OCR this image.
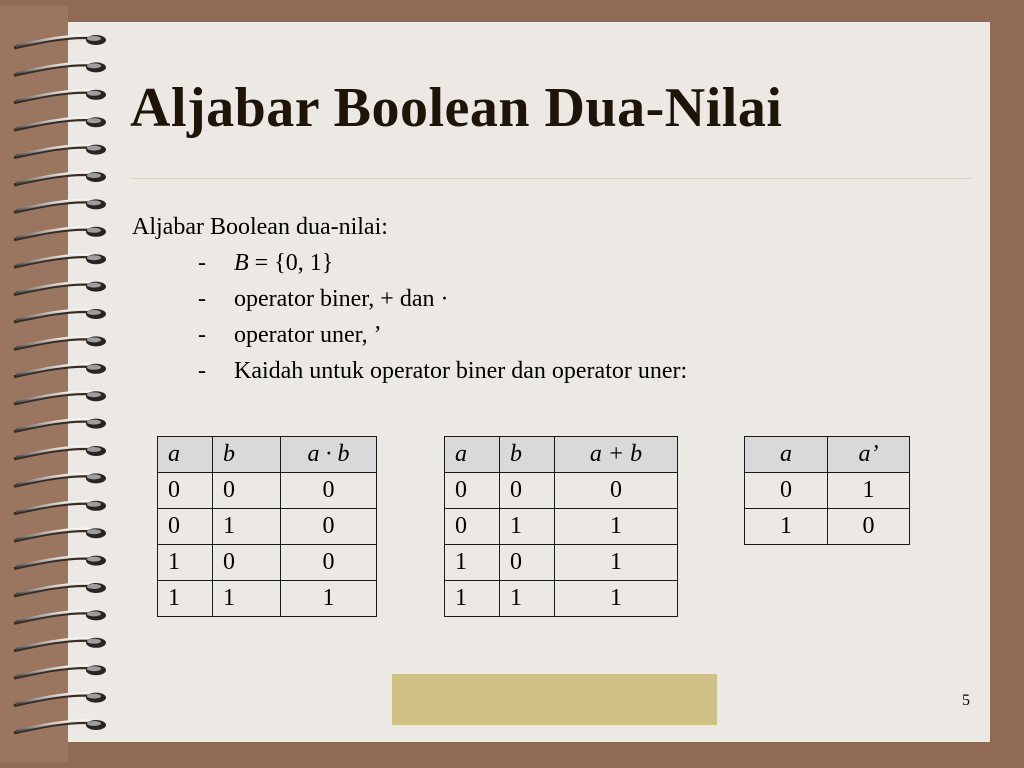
Aljabar Boolean Dua-Nilai
Aljabar Boolean dua-nilai:
-	B = {0, 1}
-	operator biner, + dan ·
-	operator uner, ’
-	Kaidah untuk operator biner dan operator uner:
a	b	a · b
0	0	0
0	1	0
1	0	0
1	1	1
a	b	a + b
0	0	0
0	1	1
1	0	1
1	1	1
a	a’
0	1
1	0
5
